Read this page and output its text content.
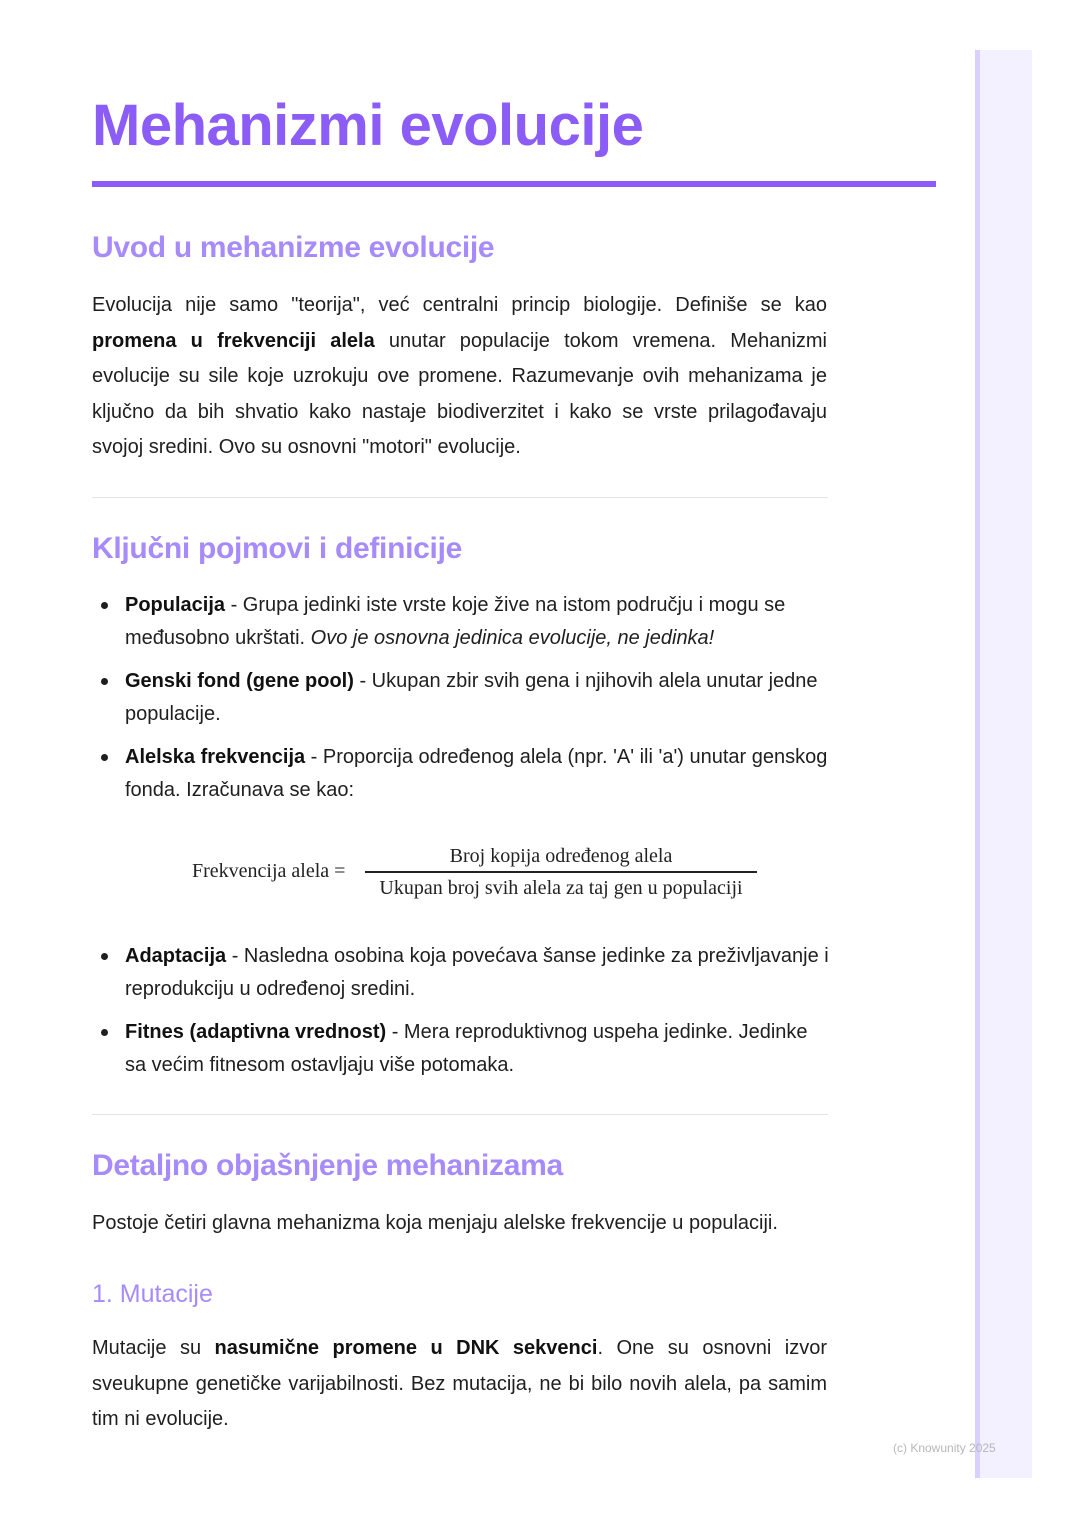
Mehanizmi evolucije
Uvod u mehanizme evolucije

Evolucija nije samo "teorija", već centralni princip biologije. Definiše se kao promena u frekvenciji alela unutar populacije tokom vremena. Mehanizmi evolucije su sile koje uzrokuju ove promene. Razumevanje ovih mehanizama je ključno da bih shvatio kako nastaje biodiverzitet i kako se vrste prilagođavaju svojoj sredini. Ovo su osnovni "motori" evolucije.

Ključni pojmovi i definicije
Populacija - Grupa jedinki iste vrste koje žive na istom području i mogu se međusobno ukrštati. Ovo je osnovna jedinica evolucije, ne jedinka!
Genski fond (gene pool) - Ukupan zbir svih gena i njihovih alela unutar jedne populacije.
Alelska frekvencija - Proporcija određenog alela (npr. 'A' ili 'a') unutar genskog fonda. Izračunava se kao:
Frekvencija alela =
Broj kopija određenog alela
Ukupan broj svih alela za taj gen u populaciji
Adaptacija - Nasledna osobina koja povećava šanse jedinke za preživljavanje i reprodukciju u određenoj sredini.
Fitnes (adaptivna vrednost) - Mera reproduktivnog uspeha jedinke. Jedinke sa većim fitnesom ostavljaju više potomaka.
Detaljno objašnjenje mehanizama

Postoje četiri glavna mehanizma koja menjaju alelske frekvencije u populaciji.

1. Mutacije

Mutacije su nasumične promene u DNK sekvenci. One su osnovni izvor sveukupne genetičke varijabilnosti. Bez mutacija, ne bi bilo novih alela, pa samim tim ni evolucije.

(c) Knowunity 2025
